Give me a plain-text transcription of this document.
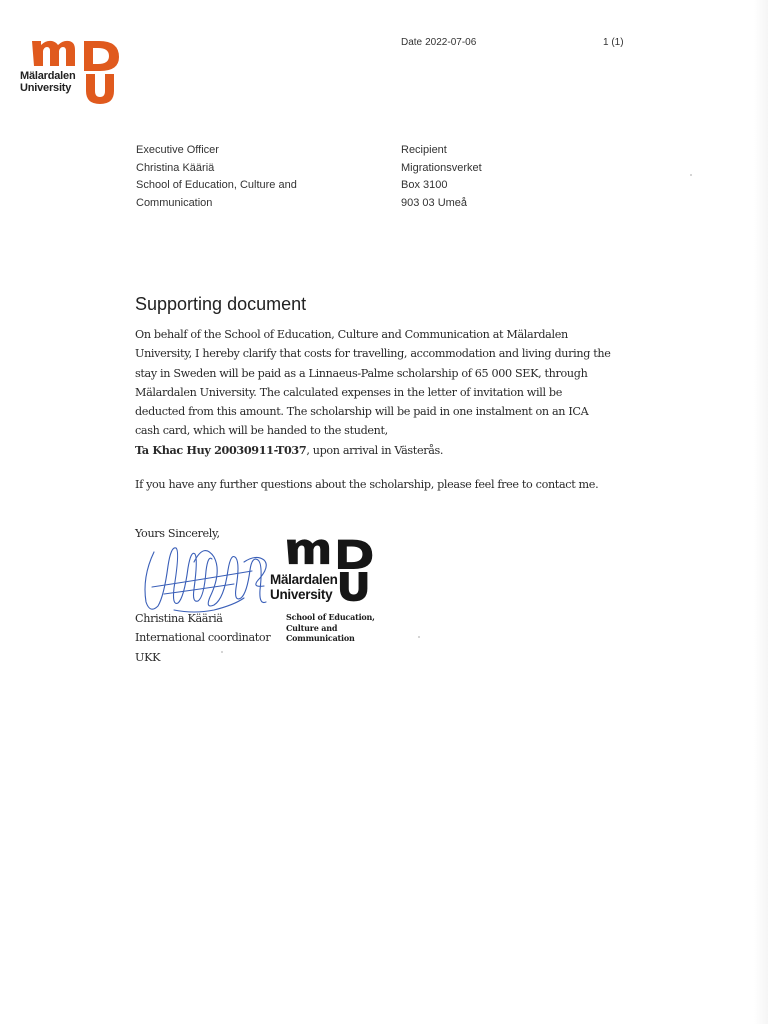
Mälardalen
University
Date 2022-07-06	1 (1)
Executive Officer
Christina Kääriä
School of Education, Culture and
Communication
Recipient
Migrationsverket
Box 3100
903 03 Umeå
Supporting document

On behalf of the School of Education, Culture and Communication at Mälardalen University, I hereby clarify that costs for travelling, accommodation and living during the stay in Sweden will be paid as a Linnaeus-Palme scholarship of 65 000 SEK, through Mälardalen University. The calculated expenses in the letter of invitation will be deducted from this amount. The scholarship will be paid in one instalment on an ICA cash card, which will be handed to the student,
Ta Khac Huy 20030911-T037, upon arrival in Västerås.

If you have any further questions about the scholarship, please feel free to contact me.

Yours Sincerely,
Christina Kääriä
International coordinator
UKK
Mälardalen
University
School of Education,
Culture and
Communication
